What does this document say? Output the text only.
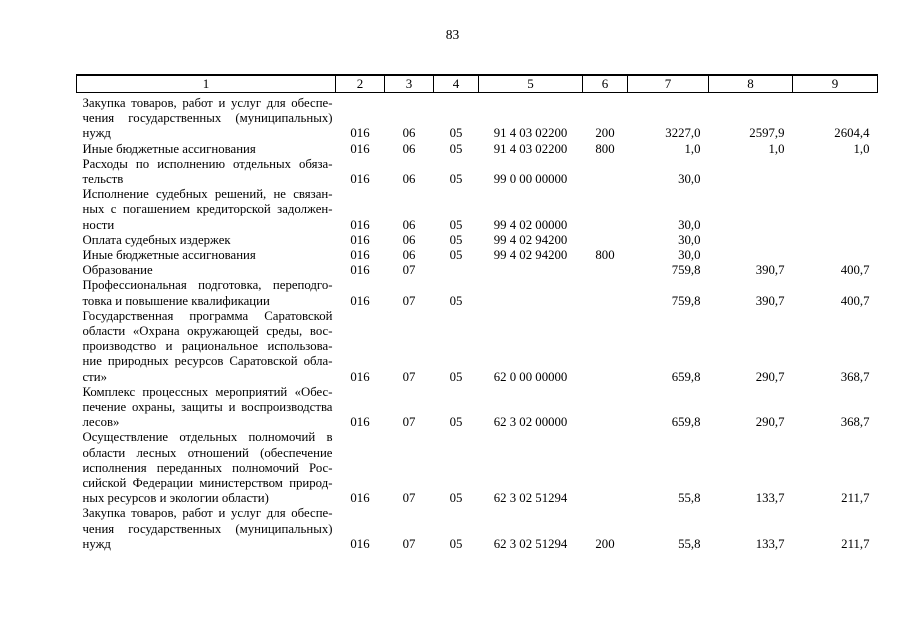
83
1	2	3	4	5	6	7	8	9

Закупка товаров, работ и услуг для обеспе-
чения государственных (муниципальных)
нужд	016	06	05	91 4 03 02200	200	3227,0	2597,9	2604,4

Иные бюджетные ассигнования	016	06	05	91 4 03 02200	800	1,0	1,0	1,0

Расходы по исполнению отдельных обяза-
тельств	016	06	05	99 0 00 00000		30,0		

Исполнение судебных решений, не связан-
ных с погашением кредиторской задолжен-
ности	016	06	05	99 4 02 00000		30,0		

Оплата судебных издержек	016	06	05	99 4 02 94200		30,0		

Иные бюджетные ассигнования	016	06	05	99 4 02 94200	800	30,0		

Образование	016	07				759,8	390,7	400,7

Профессиональная подготовка, переподго-
товка и повышение квалификации	016	07	05			759,8	390,7	400,7

Государственная программа Саратовской
области «Охрана окружающей среды, вос-
производство и рациональное использова-
ние природных ресурсов Саратовской обла-
сти»	016	07	05	62 0 00 00000		659,8	290,7	368,7

Комплекс процессных мероприятий «Обес-
печение охраны, защиты и воспроизводства
лесов»	016	07	05	62 3 02 00000		659,8	290,7	368,7

Осуществление отдельных полномочий в
области лесных отношений (обеспечение
исполнения переданных полномочий Рос-
сийской Федерации министерством природ-
ных ресурсов и экологии области)	016	07	05	62 3 02 51294		55,8	133,7	211,7

Закупка товаров, работ и услуг для обеспе-
чения государственных (муниципальных)
нужд	016	07	05	62 3 02 51294	200	55,8	133,7	211,7
